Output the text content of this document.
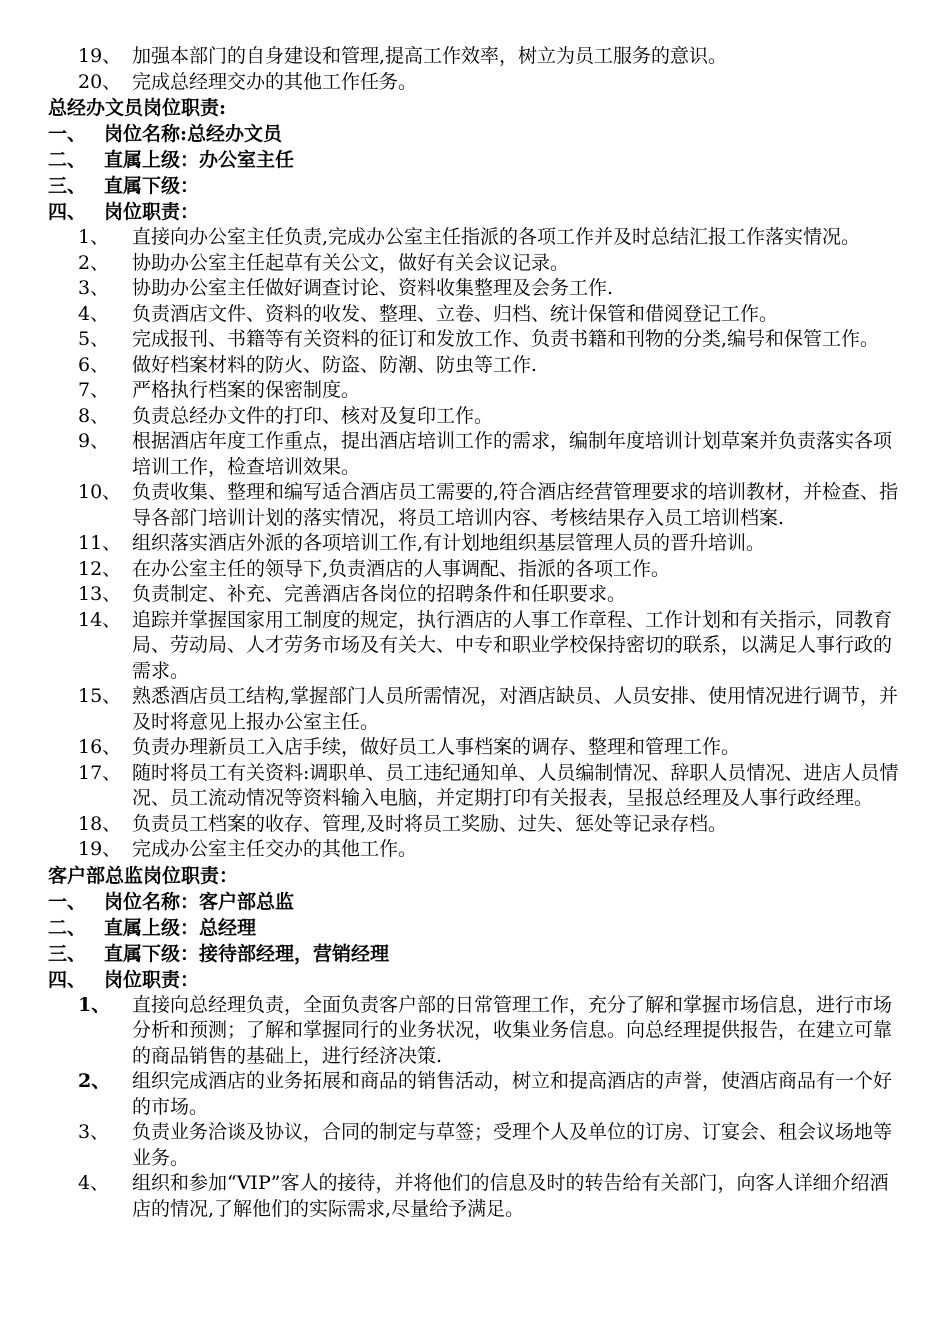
19、 加强本部门的自身建设和管理,提高工作效率，树立为员工服务的意识。
20、 完成总经理交办的其他工作任务。
总经办文员岗位职责:
一、 岗位名称:总经办文员
二、 直属上级：办公室主任
三、 直属下级：
四、 岗位职责：
1、	直接向办公室主任负责,完成办公室主任指派的各项工作并及时总结汇报工作落实情况。
2、	协助办公室主任起草有关公文，做好有关会议记录。
3、	协助办公室主任做好调查讨论、资料收集整理及会务工作.
4、	负责酒店文件、资料的收发、整理、立卷、归档、统计保管和借阅登记工作。
5、	完成报刊、书籍等有关资料的征订和发放工作、负责书籍和刊物的分类,编号和保管工作。
6、	做好档案材料的防火、防盗、防潮、防虫等工作.
7、	严格执行档案的保密制度。
8、	负责总经办文件的打印、核对及复印工作。
9、	根据酒店年度工作重点，提出酒店培训工作的需求，编制年度培训计划草案并负责落实各项培训工作，检查培训效果。
10、 负责收集、整理和编写适合酒店员工需要的,符合酒店经营管理要求的培训教材，并检查、指导各部门培训计划的落实情况，将员工培训内容、考核结果存入员工培训档案.
11、 组织落实酒店外派的各项培训工作,有计划地组织基层管理人员的晋升培训。
12、 在办公室主任的领导下,负责酒店的人事调配、指派的各项工作。
13、 负责制定、补充、完善酒店各岗位的招聘条件和任职要求。
14、 追踪并掌握国家用工制度的规定，执行酒店的人事工作章程、工作计划和有关指示，同教育局、劳动局、人才劳务市场及有关大、中专和职业学校保持密切的联系，以满足人事行政的需求。
15、 熟悉酒店员工结构,掌握部门人员所需情况，对酒店缺员、人员安排、使用情况进行调节，并及时将意见上报办公室主任。
16、 负责办理新员工入店手续，做好员工人事档案的调存、整理和管理工作。
17、 随时将员工有关资料:调职单、员工违纪通知单、人员编制情况、辞职人员情况、进店人员情况、员工流动情况等资料输入电脑，并定期打印有关报表，呈报总经理及人事行政经理。
18、 负责员工档案的收存、管理,及时将员工奖励、过失、惩处等记录存档。
19、 完成办公室主任交办的其他工作。
客户部总监岗位职责：
一、 岗位名称：客户部总监
二、 直属上级：总经理
三、 直属下级：接待部经理，营销经理
四、 岗位职责：
1、	直接向总经理负责，全面负责客户部的日常管理工作，充分了解和掌握市场信息，进行市场分析和预测；了解和掌握同行的业务状况，收集业务信息。向总经理提供报告，在建立可靠的商品销售的基础上，进行经济决策.
2、	组织完成酒店的业务拓展和商品的销售活动，树立和提高酒店的声誉，使酒店商品有一个好的市场。
3、	负责业务洽谈及协议，合同的制定与草签；受理个人及单位的订房、订宴会、租会议场地等业务。
4、	组织和参加“VIP”客人的接待，并将他们的信息及时的转告给有关部门，向客人详细介绍酒店的情况,了解他们的实际需求,尽量给予满足。
